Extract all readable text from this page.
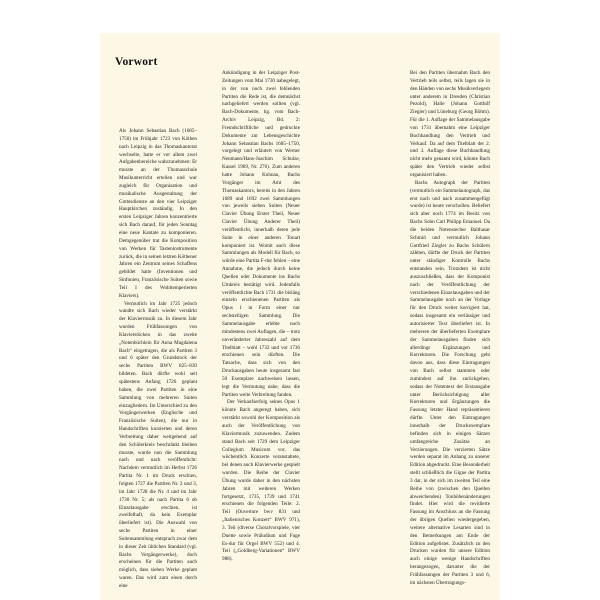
Vorwort

Als Johann Sebastian Bach (1685–1750) im Frühjahr 1723 von Köthen nach Leipzig in das Thomaskantorat wechselte, hatte er vor allem zwei Aufgabenbereiche wahrzunehmen: Er musste an der Thomasschule Musikunterricht erteilen und war zugleich für Organisation und musikalische Ausgestaltung der Gottesdienste an den vier Leipziger Hauptkirchen zuständig. In den ersten Leipziger Jahren konzentrierte sich Bach darauf, für jeden Sonntag eine neue Kantate zu komponieren. Demgegenüber trat die Komposition von Werken für Tasteninstrumente zurück, die in seinen letzten Köthener Jahren ein Zentrum seines Schaffens gebildet hatte (Inventionen und Sinfonien, Französische Suiten sowie Teil I des Wohltemperierten Klaviers).

Vermutlich im Jahr 1725 jedoch wandte sich Bach wieder verstärkt der Klaviermusik zu. In diesem Jahr wurden Frühfassungen von Klavierstücken in das zweite „Notenbüchlein für Anna Magdalena Bach“ eingetragen, die als Partiten 3 und 6 später den Grundstock der sechs Partiten BWV 825–830 bildeten. Bach dürfte wohl seit spätestens Anfang 1726 geplant haben, die zwei Partiten in eine Sammlung von mehreren Suiten einzugliedern. Im Unterschied zu den Vorgängerwerken (Englische und Französische Suiten), die nur in Handschriften kursierten und deren Verbreitung daher weitgehend auf den Schülerkreis beschränkt bleiben musste, wurde nun die Sammlung nach und nach veröffentlicht: Nachdem vermutlich im Herbst 1726 Partita Nr. 1 im Druck erschien, folgten 1727 die Partiten Nr. 2 und 3, im Jahr 1728 die Nr. 4 und im Jahr 1730 Nr. 5; als nach Partita 6 ob Einzelausgabe erschien, ist zweifelhaft, da kein Exemplar überliefert ist). Die Auswahl von sechs Partiten in einer Suitensammlung entsprach zwar dem in dieser Zeit üblichen Standard (vgl. Bachs Vorgängerwerke), doch erscheinen für die Partiten auch möglich, dass sieben Werke geplant waren. Das wird zum einen durch eine

Ankündigung in der Leipziger Post-Zeitungen vom Mai 1730 nahegelegt, in der von noch zwei fehlenden Partiten die Rede ist, die demnächst nachgeliefert werden sollten (vgl. Bach-Dokumente, hg. vom Bach-Archiv Leipzig, Bd. 2: Fremdschriftliche und gedruckte Dokumente zur Lebensgeschichte Johann Sebastian Bachs 1685–1750, vorgelegt und erläutert von Werner Neumann/Hans-Joachim Schulze, Kassel 1969, Nr. 276). Zum anderen hatte Johann Kuhnau, Bachs Vorgänger im Amt des Thomaskantors, bereits in den Jahren 1689 und 1692 zwei Sammlungen von jeweils sieben Suiten (Neuer Clavier Übung Erster Theil, Neuer Clavier Übung Anderer Theil) veröffentlicht, innerhalb deren jede Suite in einer anderen Tonart komponiert ist. Womit auch diese Sammlungen als Modell für Bach, so würde eine Partita F-dur fehlen – eine Annahme, die jedoch durch keine Quellen oder Dokumente ins Bachs Umkreis bestätigt wird. Jedenfalls veröffentlichte Bach 1731 die bisläng einzeln erschienenen Partiten als Opus 1 in Form einer nur sechsteiligen Sammlung. Die Sammelausgabe erlebte noch mindestens zwei Auflagen, die – trotz unveränderter Jahreszahl auf dem Titelblatt – wohl 1732 und vor 1736 erschienen sein dürften. Die Tatsache, dass sich von den Druckausgaben heute insgesamt fast 50 Exemplare nachweisen lassen, legt die Vermutung nahe, dass die Partiten weite Verbreitung fanden.

Der Verkaufserfolg seines Opus 1 könnte Bach angeregt haben, sich verstärkt sowohl der Komposition als auch der Veröffentlichung von Klaviermusik zuzuwenden. Zudem stand Bach seit 1729 dem Leipziger Collegium Musicum vor, das wöchentlich Konzerte veranstaltete, bei denen auch Klavierwerke gespielt wurden. Die Reihe der Clavier Übung wurde daher in den nächsten Jahren mit weiteren Werken fortgesetzt, 1735, 1739 und 1741 erschienen die folgenden Teile: 2. Teil (Ouverture bwv 831 und „Italienisches Konzert“ BWV 971), 3. Teil (diverse Choralvorspiele, vier Duette sowie Präludium und Fuge Es-dur für Orgel BWV 552) und 4. Teil („Goldberg-Variationen“ BWV 988).

Bei den Partiten übernahm Bach den Vertrieb teils selbst, teils lagen sie in den Händen von sechs Musikverlegern unter anderem in Dresden (Christian Pezold), Halle (Johann Gotthilf Ziegler) und Lüneburg (Georg Böhm). Für die 1. Auflage der Sammelausgabe von 1731 übernahm eine Leipziger Buchhandlung den Vertrieb und Verkauf. Da auf dem Titelblatt der 2. und 3. Auflage diese Buchhandlung nicht mehr genannt wird, könnte Bach später den Vertrieb wieder selbst organisiert haben.

Bachs Autograph der Partiten (vermutlich ein Sammelautograph, das erst nach und nach zusammengefügt wurde) ist heute verschollen. Beliefert sich aber noch 1774 im Besitz von Bachs Sohn Carl Philipp Emanuel. Da die beiden Notenstecher Balthasar Schmid und vermutlich Johann Gottfried Ziegler zu Bachs Schülern zählten, dürfte der Druck der Partiten unter ständiger Kontrolle Bachs entstanden sein. Trotzdem ist nicht auszuschließen, dass der Komponist nach der Veröffentlichung der verschiedenen Einzelausgaben und der Sammelausgabe noch an der Vorlage für den Druck weiter korrigiert hat, sodass insgesamt ein verlässiger und autorisierter Text überliefert ist. In mehreren der überlieferten Exemplare der Sammelausgaben finden sich allerdings Ergänzungen und Korrekturen. Die Forschung geht davon aus, dass diese Eintragungen von Bach selbst stammen oder zumindest auf ihn zurückgehen, sodass der Notentext der Erstausgabe unter Berücksichtigung aller Korrekturen und Ergänzungen die Fassung letzter Hand repräsentieren dürfte. Unter den Eintragungen innerhalb der Druckexemplare befinden sich in einigen Sätzen umfangreiche Zusätze an Verzierungen. Die verzierten Sätze werden separat im Anhang zu unserer Edition abgedruckt. Eine Besonderheit stellt schließlich die Gigue der Partita 3 dar, in der sich im zweiten Teil eine Reihe von (zwischen den Quellen abweichenden) Tonhöhenänderungen findet. Hier wird die revidierte Fassung im Anschluss an die Fassung der übrigen Quellen wiedergegeben, weitere alternative Lesarten sind in den Bemerkungen am Ende der Edition aufgelistet. Zusätzlich zu den Drucken wurden für unsere Edition auch einige wenige Handschriften herangezogen, darunter die der Frühfassungen der Partiten 3 und 6, im nächsten Übertragungs-
